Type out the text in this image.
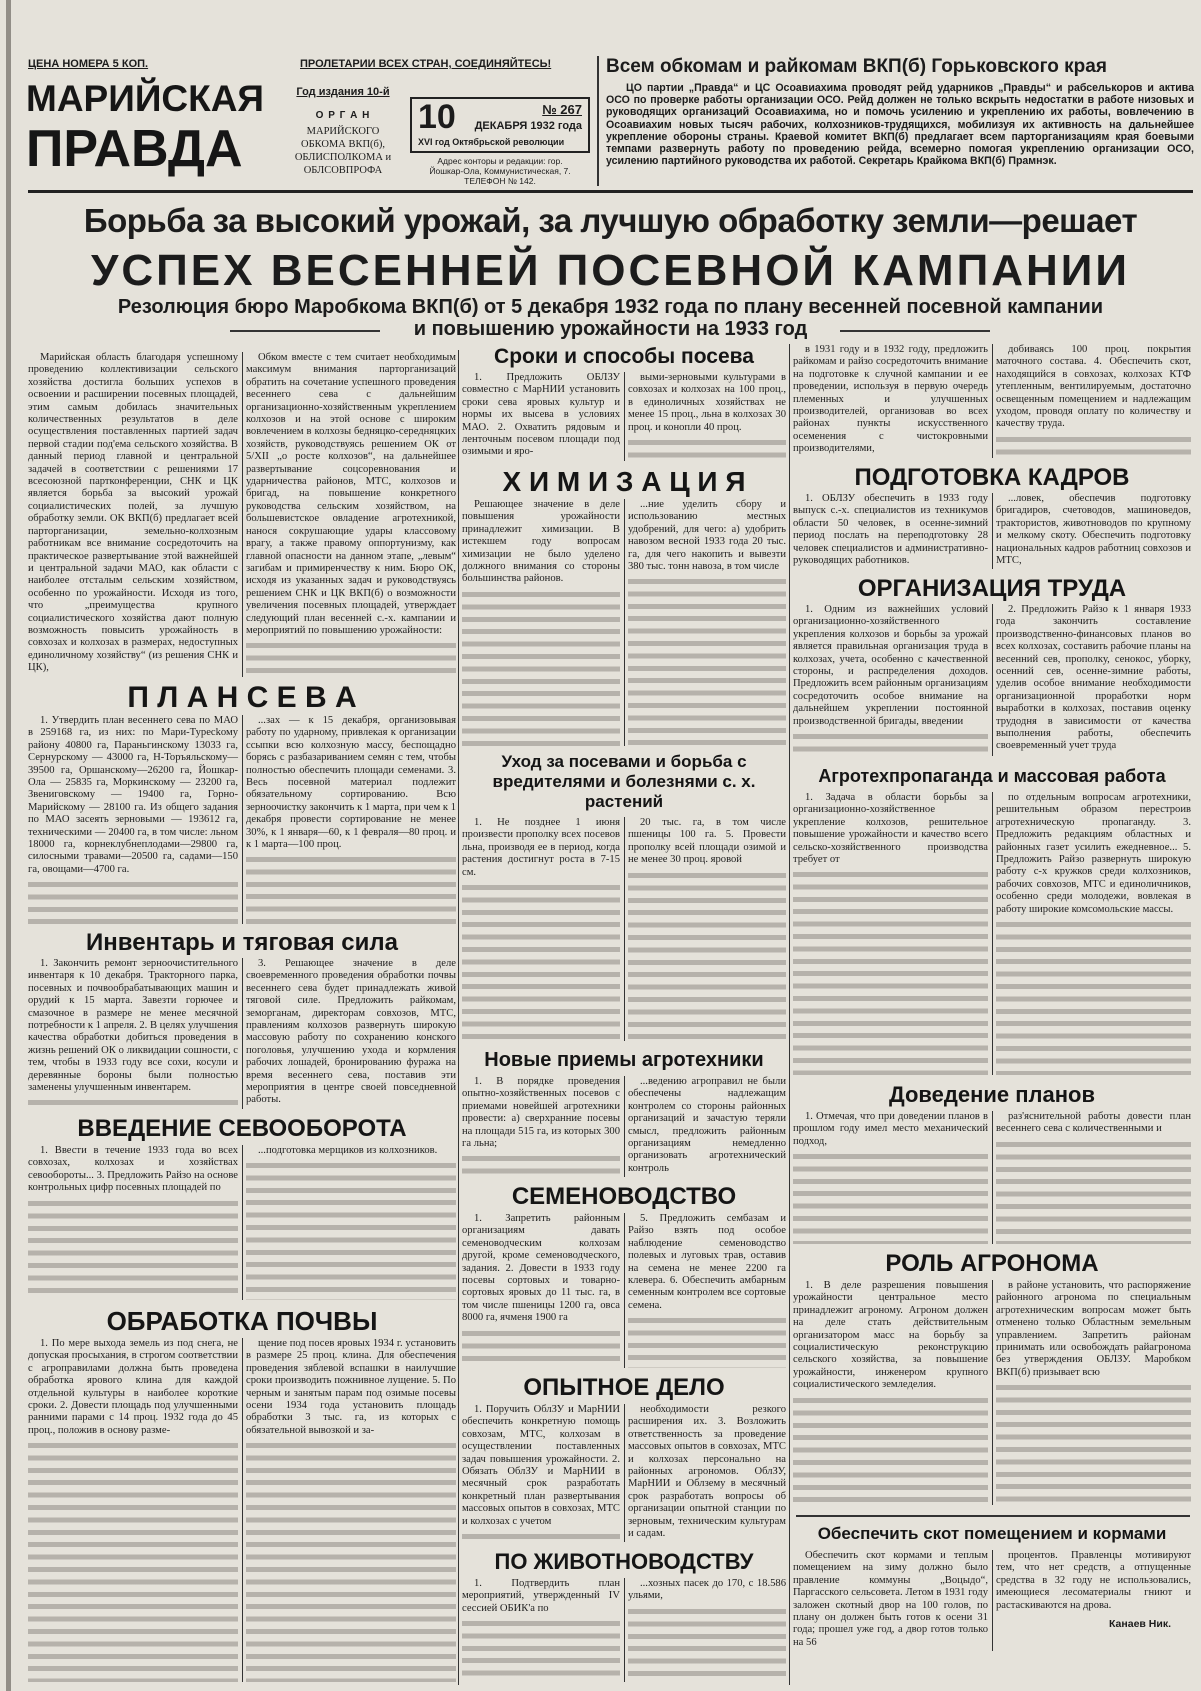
ЦЕНА НОМЕРА 5 КОП.	ПРОЛЕТАРИИ ВСЕХ СТРАН, СОЕДИНЯЙТЕСЬ!
МАРИЙСКАЯ
ПРАВДА
Год издания 10-й
О Р Г А Н
МАРИЙСКОГО
ОБКОМА ВКП(б),
ОБЛИСПОЛКОМА и
ОБЛСОВПРОФА
10	№ 267
ДЕКАБРЯ 1932 года
XVI год Октябрьской революции
Адрес конторы и редакции: гор.
Йошкар-Ола, Коммунистическая, 7.
ТЕЛЕФОН № 142.
Всем обкомам и райкомам ВКП(б) Горьковского края
ЦО партии „Правда“ и ЦС Осоавиахима проводят рейд ударников „Правды“ и рабселькоров и актива ОСО по проверке работы организации ОСО. Рейд должен не только вскрыть недостатки в работе низовых и руководящих организаций Осоавиахима, но и помочь усилению и укреплению их работы, вовлечению в Осоавиахим новых тысяч рабочих, колхозников-трудящихся, мобилизуя их активность на дальнейшее укрепление обороны страны. Краевой комитет ВКП(б) предлагает всем парторганизациям края боевыми темпами развернуть работу по проведению рейда, всемерно помогая укреплению организации ОСО, усилению партийного руководства их работой. Секретарь Крайкома ВКП(б) Прамнэк.
Борьба за высокий урожай, за лучшую обработку земли—решает
УСПЕХ ВЕСЕННЕЙ ПОСЕВНОЙ КАМПАНИИ
Резолюция бюро Маробкома ВКП(б) от 5 декабря 1932 года по плану весенней посевной кампании
и повышению урожайности на 1933 год

Марийская область благодаря успешному проведению коллективизации сельского хозяйства достигла больших успехов в освоении и расширении посевных площадей, этим самым добилась значительных количественных результатов в деле осуществления поставленных партией задач первой стадии под'ема сельского хозяйства. В данный период главной и центральной задачей в соответствии с решениями 17 всесоюзной партконференции, СНК и ЦК является борьба за высокий урожай социалистических полей, за лучшую обработку земли. ОК ВКП(б) предлагает всей парторганизации, земельно-колхозным работникам все внимание сосредоточить на практическое развертывание этой важнейшей и центральной задачи МАО, как области с наиболее отсталым сельским хозяйством, особенно по урожайности. Исходя из того, что „преимущества крупного социалистического хозяйства дают полную возможность повысить урожайность в совхозах и колхозах в размерах, недоступных единоличному хозяйству“ (из решения СНК и ЦК),

Обком вместе с тем считает необходимым максимум внимания парторганизаций обратить на сочетание успешного проведения весеннего сева с дальнейшим организационно-хозяйственным укреплением колхозов и на этой основе с широким вовлечением в колхозы бедняцко-середняцких хозяйств, руководствуясь решением ОК от 5/XII „о росте колхозов“, на дальнейшее развертывание соцсоревнования и ударничества районов, МТС, колхозов и бригад, на повышение конкретного руководства сельским хозяйством, на большевистское овладение агротехникой, нанося сокрушающие удары классовому врагу, а также правому оппортунизму, как главной опасности на данном этапе, „левым“ загибам и примиренчеству к ним. Бюро ОК, исходя из указанных задач и руководствуясь решением СНК и ЦК ВКП(б) о возможности увеличения посевных площадей, утверждает следующий план весенней с.-х. кампании и мероприятий по повышению урожайности:

П Л А Н С Е В А

1. Утвердить план весеннего сева по МАО в 259168 га, из них: по Мари-Туреckому району 40800 га, Параньгинскому 13033 га, Сернурскому — 43000 га, Н-Торъяльскому—39500 га, Оршанскому—26200 га, Йошкар-Ола — 25835 га, Моркинскому — 23200 га, Звениговскому — 19400 га, Горно-Марийскому — 28100 га. Из общего задания по МАО засеять зерновыми — 193612 га, техническими — 20400 га, в том числе: льном 18000 га, корнеклубнеплодами—29800 га, силосными травами—20500 га, садами—150 га, овощами—4700 га.

...зах — к 15 декабря, организовывая работу по ударному, привлекая к организации ссыпки всю колхозную массу, беспощадно борясь с разбазариванием семян с тем, чтобы полностью обеспечить площади семенами. 3. Весь посевной материал подлежит обязательному сортированию. Всю зерноочистку закончить к 1 марта, при чем к 1 декабря провести сортирование не менее 30%, к 1 января—60, к 1 февраля—80 проц. и к 1 марта—100 проц.

Инвентарь и тяговая сила

1. Закончить ремонт зерноочистительного инвентаря к 10 декабря. Тракторного парка, посевных и почвообрабатывающих машин и орудий к 15 марта. Завезти горючее и смазочное в размере не менее месячной потребности к 1 апреля. 2. В целях улучшения качества обработки добиться проведения в жизнь решений ОК о ликвидации сошности, с тем, чтобы в 1933 году все сохи, косули и деревянные бороны были полностью заменены улучшенным инвентарем.

3. Решающее значение в деле своевременного проведения обработки почвы весеннего сева будет принадлежать живой тяговой силе. Предложить райкомам, земорганам, директорам совхозов, МТС, правлениям колхозов развернуть широкую массовую работу по сохранению конского поголовья, улучшению ухода и кормления рабочих лошадей, бронированию фуража на время весеннего сева, поставив эти мероприятия в центре своей повседневной работы.

ВВЕДЕНИЕ СЕВООБОРОТА

1. Ввести в течение 1933 года во всех совхозах, колхозах и хозяйствах севообороты... 3. Предложить Райзо на основе контрольных цифр посевных площадей по

...подготовка мерщиков из колхозников.

ОБРАБОТКА ПОЧВЫ

1. По мере выхода земель из под снега, не допуская просыхания, в строгом соответствии с агроправилами должна быть проведена обработка ярового клина для каждой отдельной культуры в наиболее короткие сроки. 2. Довести площадь под улучшенными ранними парами с 14 проц. 1932 года до 45 проц., положив в основу разме-

щение под посев яровых 1934 г. установить в размере 25 проц. клина. Для обеспечения проведения зяблевой вспашки в наилучшие сроки производить пожнивное лущение. 5. По черным и занятым парам под озимые посевы осени 1934 года установить площадь обработки 3 тыс. га, из которых с обязательной вывозкой и за-

Сроки и способы посева

1. Предложить ОБЛЗУ совместно с МарНИИ установить сроки сева яровых культур и нормы их высева в условиях МАО. 2. Охватить рядовым и ленточным посевом площади под озимыми и яро-

выми-зерновыми культурами в совхозах и колхозах на 100 проц., в единоличных хозяйствах не менее 15 проц., льна в колхозах 30 проц. и конопли 40 проц.

Х И М И З А Ц И Я

Решающее значение в деле повышения урожайности принадлежит химизации. В истекшем году вопросам химизации не было уделено должного внимания со стороны большинства районов.

...ние уделить сбору и использованию местных удобрений, для чего: а) удобрить навозом весной 1933 года 20 тыс. га, для чего накопить и вывезти 380 тыс. тонн навоза, в том числе

Уход за посевами и борьба с вредителями и болезнями с. х. растений

1. Не позднее 1 июня произвести прополку всех посевов льна, производя ее в период, когда растения достигнут роста в 7-15 см.

20 тыс. га, в том числе пшеницы 100 га. 5. Провести прополку всей площади озимой и не менее 30 проц. яровой

Новые приемы агротехники

1. В порядке проведения опытно-хозяйственных посевов с приемами новейшей агротехники провести: а) сверхранние посевы на площади 515 га, из которых 300 га льна;

...ведению агроправил не были обеспечены надлежащим контролем со стороны районных организаций и зачастую теряли смысл, предложить районным организациям немедленно организовать агротехнический контроль

СЕМЕНОВОДСТВО

1. Запретить районным организациям давать семеноводческим колхозам другой, кроме семеноводческого, задания. 2. Довести в 1933 году посевы сортовых и товарно-сортовых яровых до 11 тыс. га, в том числе пшеницы 1200 га, овса 8000 га, ячменя 1900 га

5. Предложить сембазам и Райзо взять под особое наблюдение семеноводство полевых и луговых трав, оставив на семена не менее 2200 га клевера. 6. Обеспечить амбарным семенным контролем все сортовые семена.

ОПЫТНОЕ ДЕЛО

1. Поручить ОблЗУ и МарНИИ обеспечить конкретную помощь совхозам, МТС, колхозам в осуществлении поставленных задач повышения урожайности. 2. Обязать ОблЗУ и МарНИИ в месячный срок разработать конкретный план развертывания массовых опытов в совхозах, МТС и колхозах с учетом

необходимости резкого расширения их. 3. Возложить ответственность за проведение массовых опытов в совхозах, МТС и колхозах персонально на районных агрономов. ОблЗУ, МарНИИ и Облзему в месячный срок разработать вопросы об организации опытной станции по зерновым, техническим культурам и садам.

ПО ЖИВОТНОВОДСТВУ

1. Подтвердить план мероприятий, утвержденный IV сессией ОБИК'а по

...хозных пасек до 170, с 18.586 ульями,

в 1931 году и в 1932 году, предложить райкомам и райзо сосредоточить внимание на подготовке к случной кампании и ее проведении, используя в первую очередь племенных и улучшенных производителей, организовав во всех районах пункты искусственного осеменения с чистокровными производителями,

добиваясь 100 проц. покрытия маточного состава. 4. Обеспечить скот, находящийся в совхозах, колхозах КТФ утепленным, вентилируемым, достаточно освещенным помещением и надлежащим уходом, проводя оплату по количеству и качеству труда.

ПОДГОТОВКА КАДРОВ

1. ОБЛЗУ обеспечить в 1933 году выпуск с.-х. специалистов из техникумов области 50 человек, в осенне-зимний период послать на переподготовку 28 человек специалистов и административно-руководящих работников.

...ловек, обеспечив подготовку бригадиров, счетоводов, машиноведов, трактористов, животноводов по крупному и мелкому скоту. Обеспечить подготовку национальных кадров работниц совхозов и МТС,

ОРГАНИЗАЦИЯ ТРУДА

1. Одним из важнейших условий организационно-хозяйственного укрепления колхозов и борьбы за урожай является правильная организация труда в колхозах, учета, особенно с качественной стороны, и распределения доходов. Предложить всем районным организациям сосредоточить особое внимание на дальнейшем укреплении постоянной производственной бригады, введении

2. Предложить Райзо к 1 января 1933 года закончить составление производственно-финансовых планов во всех колхозах, составить рабочие планы на весенний сев, прополку, сенокос, уборку, осенний сев, осенне-зимние работы, уделив особое внимание необходимости организационной проработки норм выработки в колхозах, поставив оценку трудодня в зависимости от качества выполнения работы, обеспечить своевременный учет труда

Агротехпропаганда и массовая работа

1. Задача в области борьбы за организационно-хозяйственное укрепление колхозов, решительное повышение урожайности и качество всего сельско-хозяйственного производства требует от

по отдельным вопросам агротехники, решительным образом перестроив агротехническую пропаганду. 3. Предложить редакциям областных и районных газет усилить ежедневное... 5. Предложить Райзо развернуть широкую работу с-х кружков среди колхозников, рабочих совхозов, МТС и единоличников, особенно среди молодежи, вовлекая в работу широкие комсомольские массы.

Доведение планов

1. Отмечая, что при доведении планов в прошлом году имел место механический подход,

раз'яснительной работы довести план весеннего сева с количественными и

РОЛЬ АГРОНОМА

1. В деле разрешения повышения урожайности центральное место принадлежит агроному. Агроном должен на деле стать действительным организатором масс на борьбу за социалистическую реконструкцию сельского хозяйства, за повышение урожайности, инженером крупного социалистического земледелия.

в районе установить, что распоряжение районного агронома по специальным агротехническим вопросам может быть отменено только Областным земельным управлением. Запретить районам принимать или освобождать райагронома без утверждения ОБЛЗУ. Маробком ВКП(б) призывает всю

Обеспечить скот помещением и кормами

Обеспечить скот кормами и теплым помещением на зиму должно было правление коммуны „Воцыдо“, Паргасского сельсовета. Летом в 1931 году заложен скотный двор на 100 голов, по плану он должен быть готов к осени 31 года; прошел уже год, а двор готов только на 56

процентов. Правленцы мотивируют тем, что нет средств, а отпущенные средства в 32 году не использовались, имеющиеся лесоматериалы гниют и растаскиваются на дрова.

Канаев Ник.
